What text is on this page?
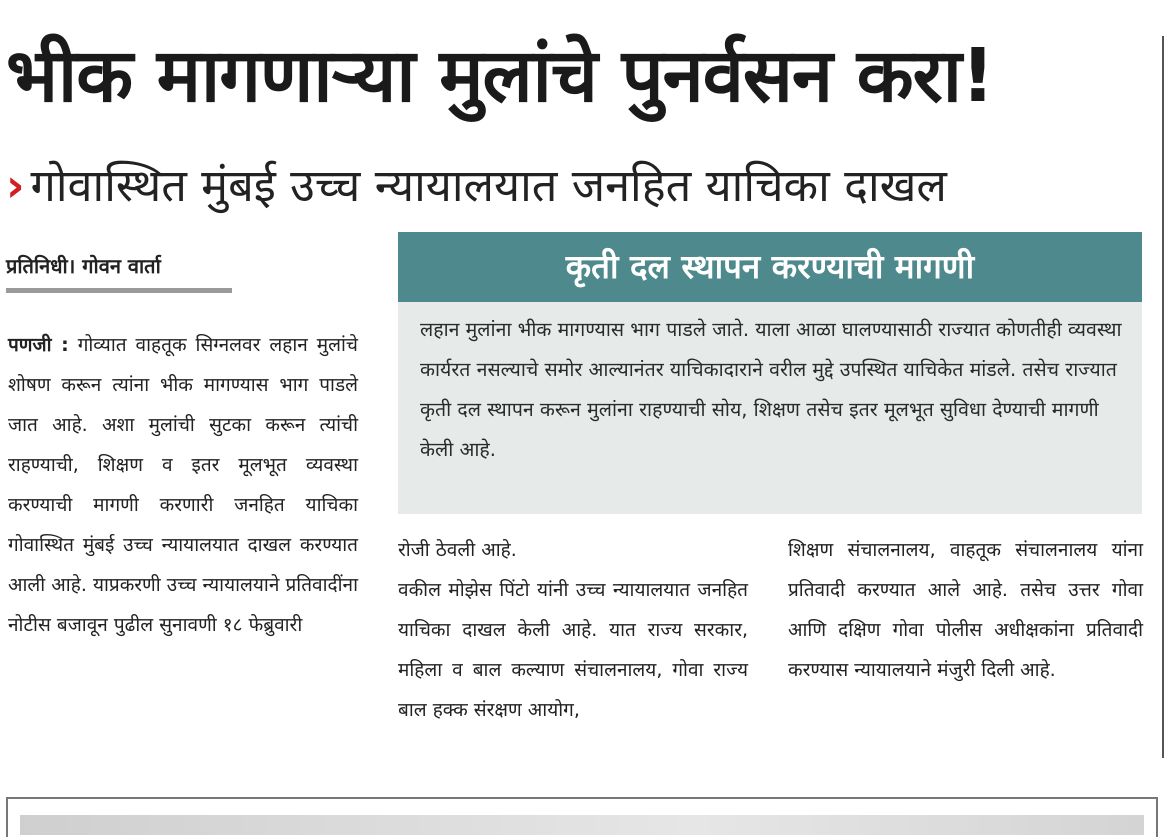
भीक मागणाऱ्या मुलांचे पुनर्वसन करा!
› गोवास्थित मुंबई उच्च न्यायालयात जनहित याचिका दाखल
प्रतिनिधी। गोवन वार्ता	कृती दल स्थापन करण्याची मागणी
लहान मुलांना भीक मागण्यास भाग पाडले जाते. याला आळा घालण्यासाठी राज्यात कोणतीही व्यवस्था कार्यरत नसल्याचे समोर आल्यानंतर याचिकादाराने वरील मुद्दे उपस्थित याचिकेत मांडले. तसेच राज्यात कृती दल स्थापन करून मुलांना राहण्याची सोय, शिक्षण तसेच इतर मूलभूत सुविधा देण्याची मागणी केली आहे.
पणजी : गोव्यात वाहतूक सिग्नलवर लहान मुलांचे शोषण करून त्यांना भीक मागण्यास भाग पाडले जात आहे. अशा मुलांची सुटका करून त्यांची राहण्याची, शिक्षण व इतर मूलभूत व्यवस्था करण्याची मागणी करणारी जनहित याचिका गोवास्थित मुंबई उच्च न्यायालयात दाखल करण्यात आली आहे. याप्रकरणी उच्च न्यायालयाने प्रतिवादींना नोटीस बजावून पुढील सुनावणी १८ फेब्रुवारी
रोजी ठेवली आहे.
वकील मोझेस पिंटो यांनी उच्च न्यायालयात जनहित याचिका दाखल केली आहे. यात राज्य सरकार, महिला व बाल कल्याण संचालनालय, गोवा राज्य बाल हक्क संरक्षण आयोग,
शिक्षण संचालनालय, वाहतूक संचालनालय यांना प्रतिवादी करण्यात आले आहे. तसेच उत्तर गोवा आणि दक्षिण गोवा पोलीस अधीक्षकांना प्रतिवादी करण्यास न्यायालयाने मंजुरी दिली आहे.
